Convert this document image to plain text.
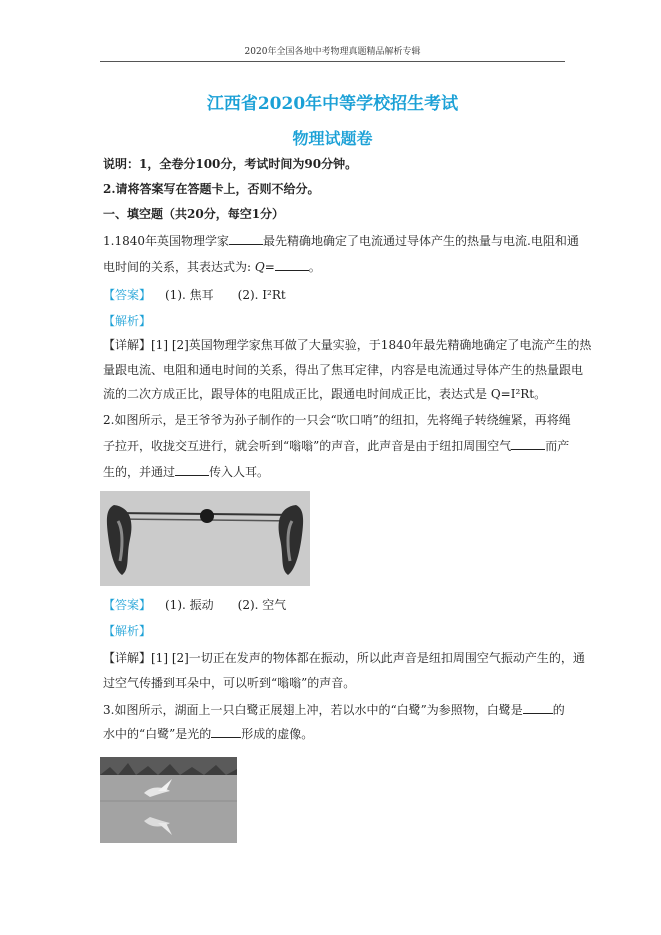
2020年全国各地中考物理真题精品解析专辑
江西省2020年中等学校招生考试
物理试题卷
说明：1，全卷分100分，考试时间为90分钟。
2.请将答案写在答题卡上，否则不给分。
一、填空题（共20分，每空1分）
1.1840年英国物理学家	最先精确地确定了电流通过导体产生的热量与电流.电阻和通
电时间的关系，其表达式为: Q=	。
【答案】 (1). 焦耳 (2). I²Rt
【解析】
【详解】[1] [2]英国物理学家焦耳做了大量实验，于1840年最先精确地确定了电流产生的热
量跟电流、电阻和通电时间的关系，得出了焦耳定律，内容是电流通过导体产生的热量跟电
流的二次方成正比，跟导体的电阻成正比，跟通电时间成正比，表达式是 Q=I²Rt。
2.如图所示，是王爷爷为孙子制作的一只会“吹口哨”的纽扣，先将绳子转绕缠紧，再将绳
子拉开，收拢交互进行，就会听到“嗡嗡”的声音，此声音是由于纽扣周围空气	而产
生的，并通过	传入人耳。
【答案】 (1). 振动 (2). 空气
【解析】
【详解】[1] [2]一切正在发声的物体都在振动，所以此声音是纽扣周围空气振动产生的，通
过空气传播到耳朵中，可以听到“嗡嗡”的声音。
3.如图所示，湖面上一只白鹭正展翅上冲，若以水中的“白鹭”为参照物，白鹭是	的
水中的“白鹭”是光的	形成的虚像。
